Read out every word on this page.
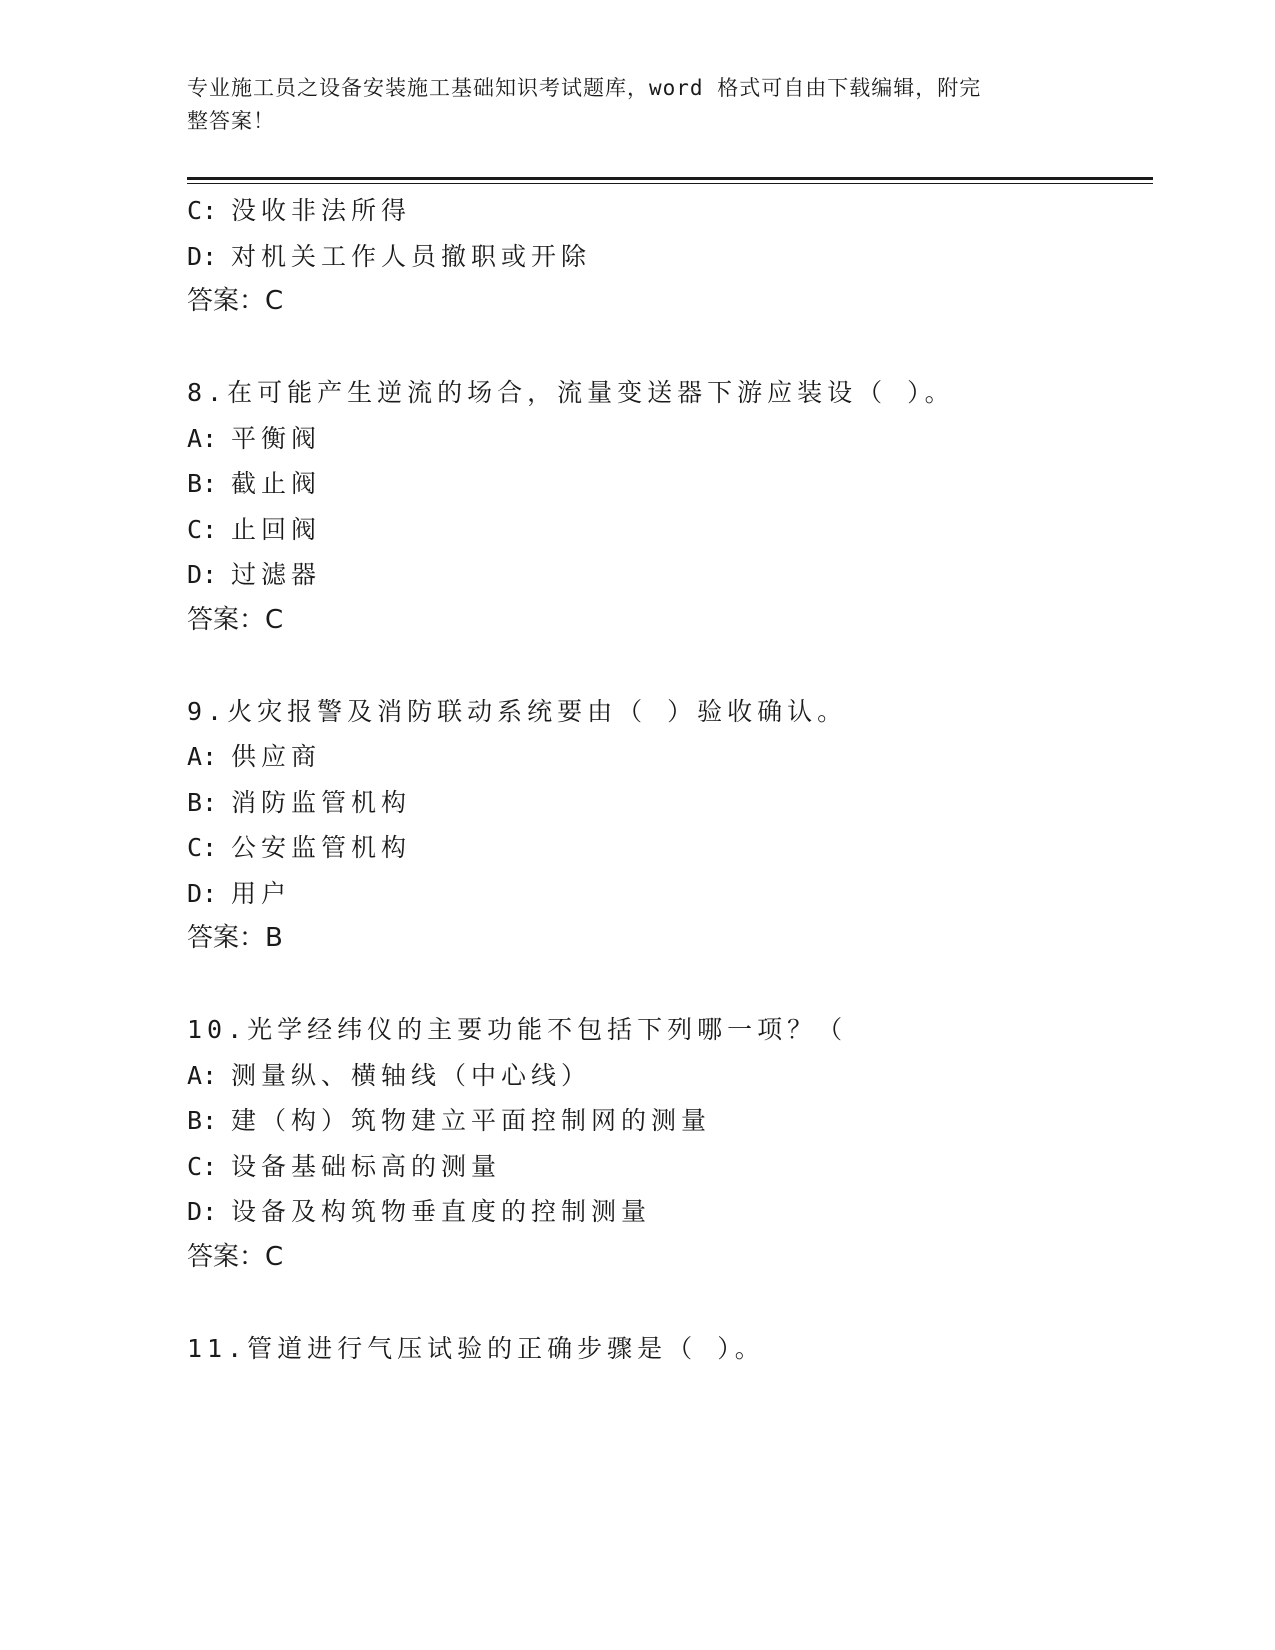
专业施工员之设备安装施工基础知识考试题库，word 格式可自由下载编辑，附完
整答案！
C: 没收非法所得
D: 对机关工作人员撤职或开除
答案：C
8.在可能产生逆流的场合，流量变送器下游应装设（ ）。
A: 平衡阀
B: 截止阀
C: 止回阀
D: 过滤器
答案：C
9.火灾报警及消防联动系统要由（ ）验收确认。
A: 供应商
B: 消防监管机构
C: 公安监管机构
D: 用户
答案：B
10.光学经纬仪的主要功能不包括下列哪一项？（
A: 测量纵、横轴线（中心线）
B: 建（构）筑物建立平面控制网的测量
C: 设备基础标高的测量
D: 设备及构筑物垂直度的控制测量
答案：C
11.管道进行气压试验的正确步骤是（ ）。
